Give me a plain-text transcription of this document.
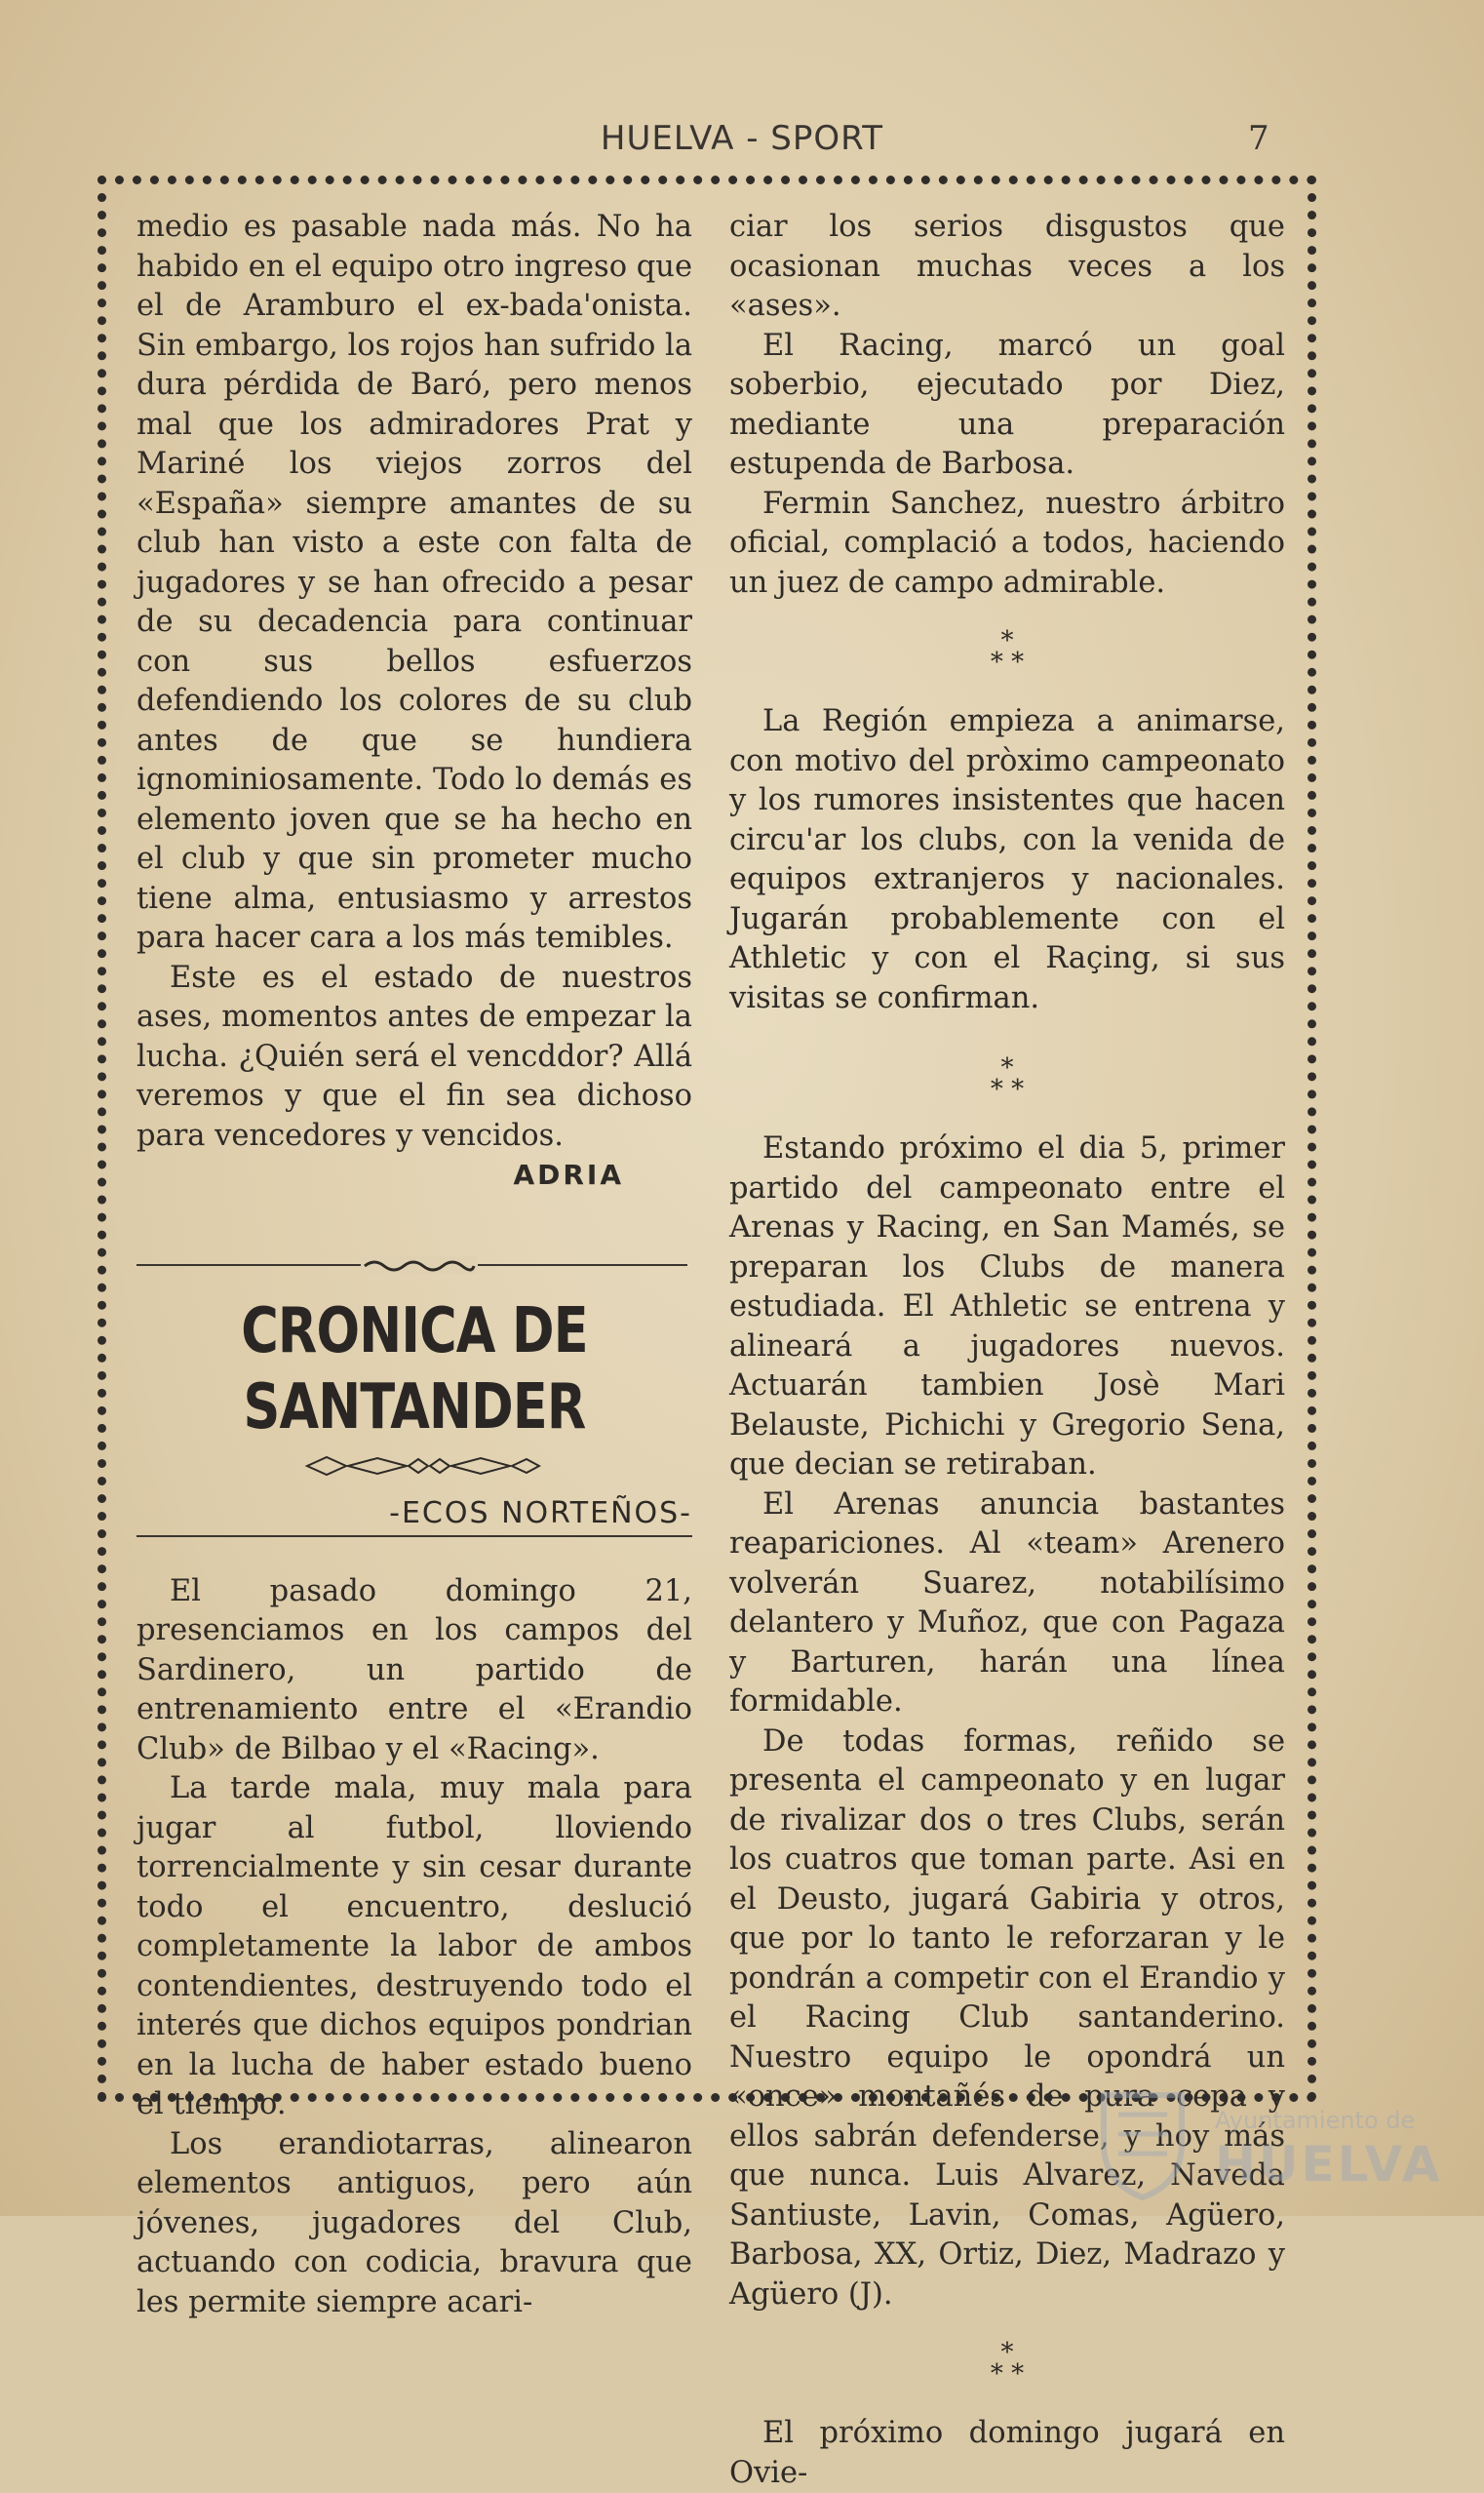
HUELVA - SPORT	7

medio es pasable nada más. No ha habido en el equipo otro ingreso que el de Aramburo el ex-bada'onista. Sin embargo, los rojos han sufrido la dura pérdida de Baró, pero menos mal que los admiradores Prat y Mariné los viejos zorros del «España» siempre amantes de su club han visto a este con falta de jugadores y se han ofrecido a pesar de su decadencia para continuar con sus bellos esfuerzos defendiendo los colores de su club antes de que se hundiera ignominiosamente. Todo lo demás es elemento joven que se ha hecho en el club y que sin prometer mucho tiene alma, entusiasmo y arrestos para hacer cara a los más temibles.

Este es el estado de nuestros ases, momentos antes de empezar la lucha. ¿Quién será el vencddor? Allá veremos y que el fin sea dichoso para vencedores y vencidos.

ADRIA

CRONICA DE SANTANDER

-ECOS NORTEÑOS-

El pasado domingo 21, presenciamos en los campos del Sardinero, un partido de entrenamiento entre el «Erandio Club» de Bilbao y el «Racing».

La tarde mala, muy mala para jugar al futbol, lloviendo torrencialmente y sin cesar durante todo el encuentro, deslució completamente la labor de ambos contendientes, destruyendo todo el interés que dichos equipos pondrian en la lucha de haber estado bueno el tiempo.

Los erandiotarras, alinearon elementos antiguos, pero aún jóvenes, jugadores del Club, actuando con codicia, bravura que les permite siempre acari-

ciar los serios disgustos que ocasionan muchas veces a los «ases».

El Racing, marcó un goal soberbio, ejecutado por Diez, mediante una preparación estupenda de Barbosa.

Fermin Sanchez, nuestro árbitro oficial, complació a todos, haciendo un juez de campo admirable.

*
* *

La Región empieza a animarse, con motivo del pròximo campeonato y los rumores insistentes que hacen circu'ar los clubs, con la venida de equipos extranjeros y nacionales. Jugarán probablemente con el Athletic y con el Raçing, si sus visitas se confirman.

*
* *

Estando próximo el dia 5, primer partido del campeonato entre el Arenas y Racing, en San Mamés, se preparan los Clubs de manera estudiada. El Athletic se entrena y alineará a jugadores nuevos. Actuarán tambien Josè Mari Belauste, Pichichi y Gregorio Sena, que decian se retiraban.

El Arenas anuncia bastantes reapariciones. Al «team» Arenero volverán Suarez, notabilísimo delantero y Muñoz, que con Pagaza y Barturen, harán una línea formidable.

De todas formas, reñido se presenta el campeonato y en lugar de rivalizar dos o tres Clubs, serán los cuatros que toman parte. Asi en el Deusto, jugará Gabiria y otros, que por lo tanto le reforzaran y le pondrán a competir con el Erandio y el Racing Club santanderino. Nuestro equipo le opondrá un «once» montañés de pura cepa y ellos sabrán defenderse, y hoy más que nunca. Luis Alvarez, Naveda Santiuste, Lavin, Comas, Agüero, Barbosa, XX, Ortiz, Diez, Madrazo y Agüero (J).

*
* *

El próximo domingo jugará en Ovie-

Ayuntamiento de
HUELVA
